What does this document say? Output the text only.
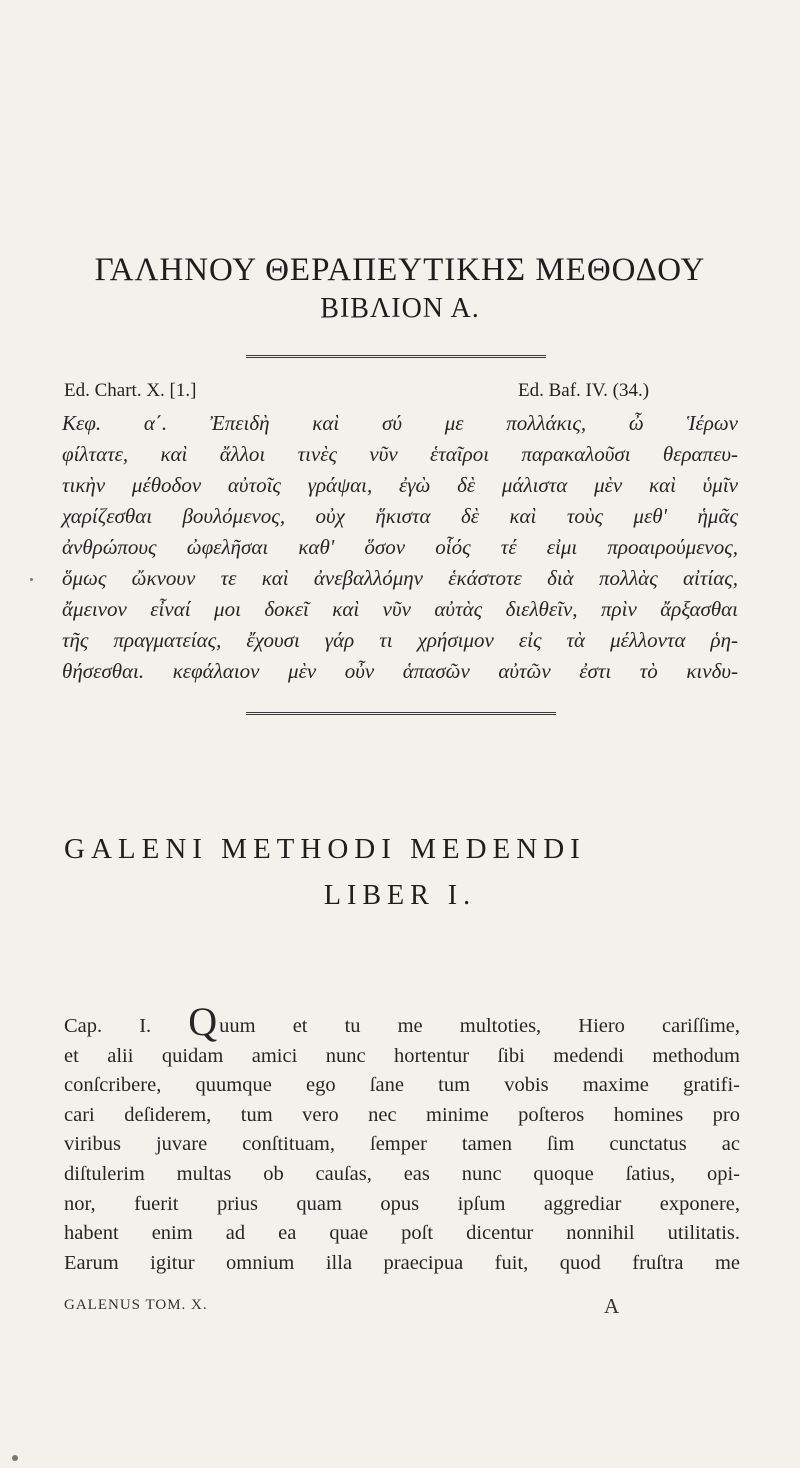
ΓΑΛΗΝΟΥ ΘΕΡΑΠΕΥΤΙΚΗΣ ΜΕΘΟΔΟΥ
ΒΙΒΛΙΟΝ Α.
Ed. Chart. X. [1.]	Ed. Baf. IV. (34.)
Κεφ. α΄. Ἐπειδὴ καὶ σύ με πολλάκις, ὦ Ἱέρων
φίλτατε, καὶ ἄλλοι τινὲς νῦν ἑταῖροι παρακαλοῦσι θεραπευ-
τικὴν μέθοδον αὐτοῖς γράψαι, ἐγὼ δὲ μάλιστα μὲν καὶ ὑμῖν
χαρίζεσθαι βουλόμενος, οὐχ ἥκιστα δὲ καὶ τοὺς μεθ' ἡμᾶς
ἀνθρώπους ὠφελῆσαι καθ' ὅσον οἷός τέ εἰμι προαιρούμενος,
ὅμως ὤκνουν τε καὶ ἀνεβαλλόμην ἑκάστοτε διὰ πολλὰς αἰτίας,
ἄμεινον εἶναί μοι δοκεῖ καὶ νῦν αὐτὰς διελθεῖν, πρὶν ἄρξασθαι
τῆς πραγματείας, ἔχουσι γάρ τι χρήσιμον εἰς τὰ μέλλοντα ῥη-
θήσεσθαι. κεφάλαιον μὲν οὖν ἁπασῶν αὐτῶν ἐστι τὸ κινδυ-
GALENI METHODI MEDENDI
LIBER I.
Cap. I. Quum et tu me multoties, Hiero cariſſime,
et alii quidam amici nunc hortentur ſibi medendi methodum
conſcribere, quumque ego ſane tum vobis maxime gratifi-
cari deſiderem, tum vero nec minime poſteros homines pro
viribus juvare conſtituam, ſemper tamen ſim cunctatus ac
diſtulerim multas ob cauſas, eas nunc quoque ſatius, opi-
nor, fuerit prius quam opus ipſum aggrediar exponere,
habent enim ad ea quae poſt dicentur nonnihil utilitatis.
Earum igitur omnium illa praecipua fuit, quod fruſtra me
GALENUS TOM. X.	A
